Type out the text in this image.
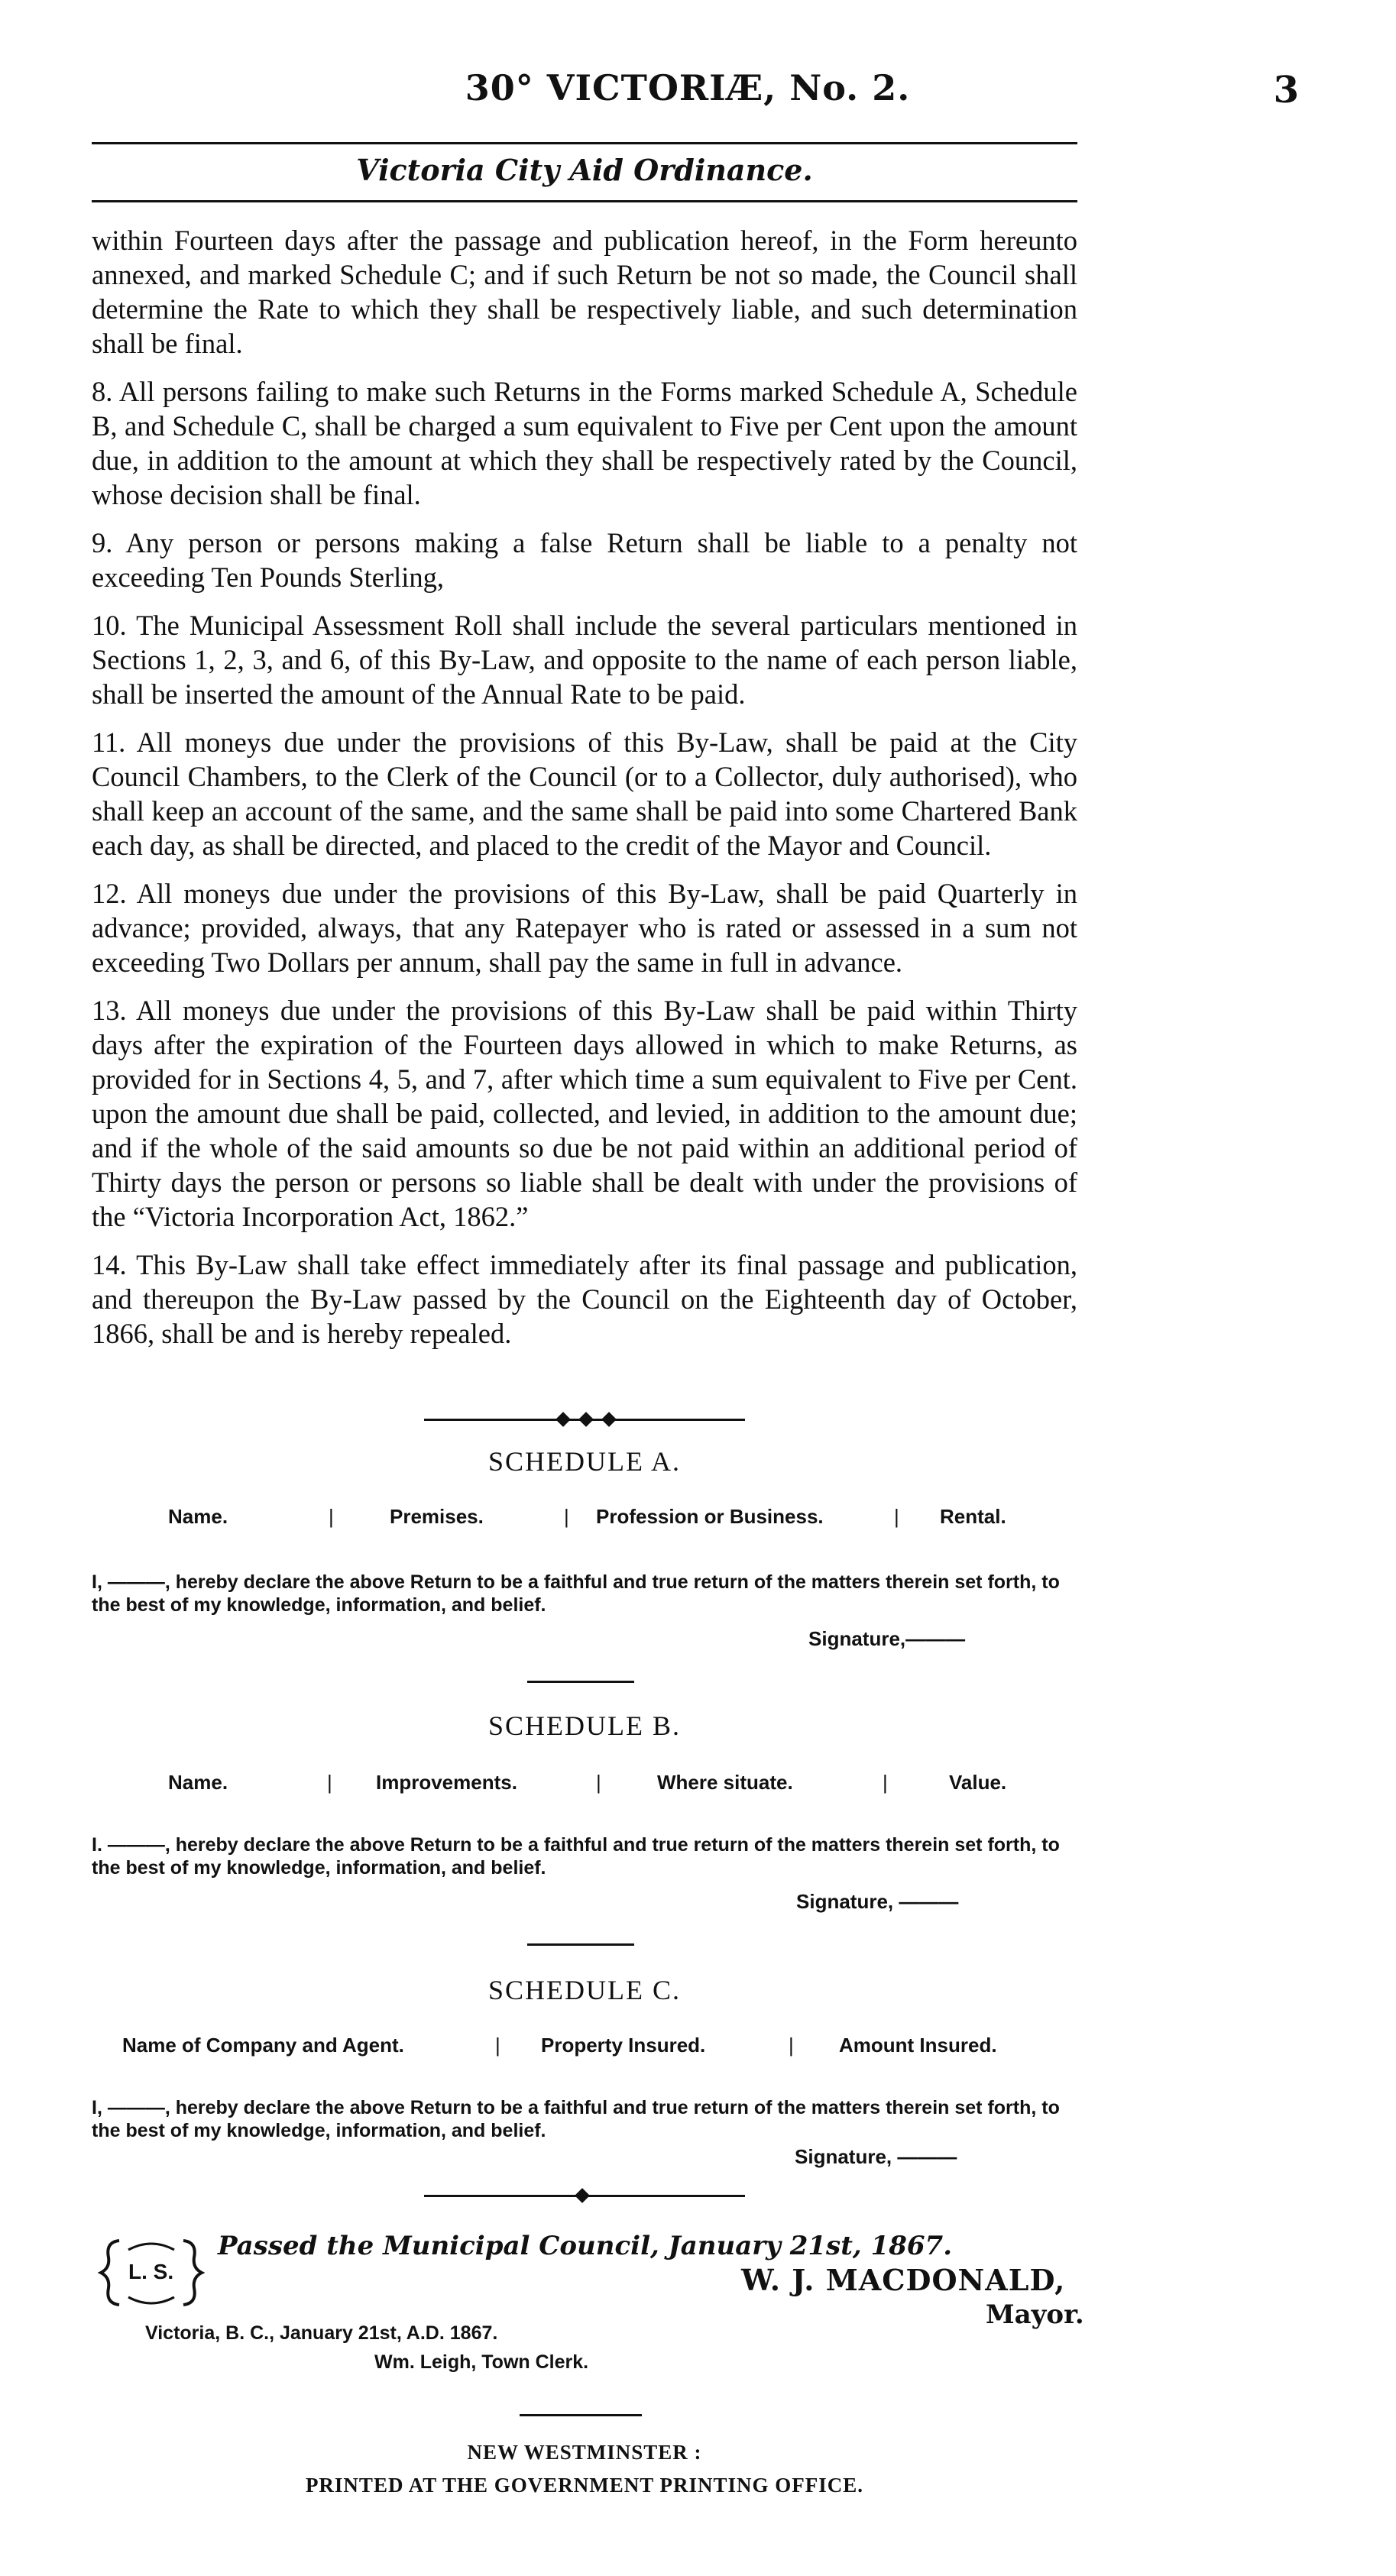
30° VICTORIÆ, No. 2.	3
Victoria City Aid Ordinance.

within Fourteen days after the passage and publication hereof, in the Form hereunto annexed, and marked Schedule C; and if such Return be not so made, the Council shall determine the Rate to which they shall be respectively liable, and such determination shall be final.

8. All persons failing to make such Returns in the Forms marked Schedule A, Schedule B, and Schedule C, shall be charged a sum equivalent to Five per Cent upon the amount due, in addition to the amount at which they shall be respectively rated by the Council, whose decision shall be final.

9. Any person or persons making a false Return shall be liable to a penalty not exceeding Ten Pounds Sterling,

10. The Municipal Assessment Roll shall include the several particulars mentioned in Sections 1, 2, 3, and 6, of this By-Law, and opposite to the name of each person liable, shall be inserted the amount of the Annual Rate to be paid.

11. All moneys due under the provisions of this By-Law, shall be paid at the City Council Chambers, to the Clerk of the Council (or to a Collector, duly authorised), who shall keep an account of the same, and the same shall be paid into some Chartered Bank each day, as shall be directed, and placed to the credit of the Mayor and Council.

12. All moneys due under the provisions of this By-Law, shall be paid Quarterly in advance; provided, always, that any Ratepayer who is rated or assessed in a sum not exceeding Two Dollars per annum, shall pay the same in full in advance.

13. All moneys due under the provisions of this By-Law shall be paid within Thirty days after the expiration of the Fourteen days allowed in which to make Returns, as provided for in Sections 4, 5, and 7, after which time a sum equivalent to Five per Cent. upon the amount due shall be paid, collected, and levied, in addition to the amount due; and if the whole of the said amounts so due be not paid within an additional period of Thirty days the person or persons so liable shall be dealt with under the provisions of the “Victoria Incorporation Act, 1862.”

14. This By-Law shall take effect immediately after its final passage and publication, and thereupon the By-Law passed by the Council on the Eighteenth day of October, 1866, shall be and is hereby repealed.

SCHEDULE A.
Name.	|	Premises.	| Profession or Business.	| Rental.
I, ———, hereby declare the above Return to be a faithful and true return of the matters therein set forth, to the best of my knowledge, information, and belief.
Signature,———
SCHEDULE B.
Name.	| Improvements.	|	Where situate.	|	Value.
I. ———, hereby declare the above Return to be a faithful and true return of the matters therein set forth, to the best of my knowledge, information, and belief.
Signature, ———
SCHEDULE C.
Name of Company and Agent.	| Property Insured.	| Amount Insured.
I, ———, hereby declare the above Return to be a faithful and true return of the matters therein set forth, to the best of my knowledge, information, and belief.
Signature, ———
L. S.
Passed the Municipal Council, January 21st, 1867.
W. J. MACDONALD,
Mayor.
Victoria, B. C., January 21st, A.D. 1867.
Wm. Leigh, Town Clerk.
NEW WESTMINSTER :
PRINTED AT THE GOVERNMENT PRINTING OFFICE.
